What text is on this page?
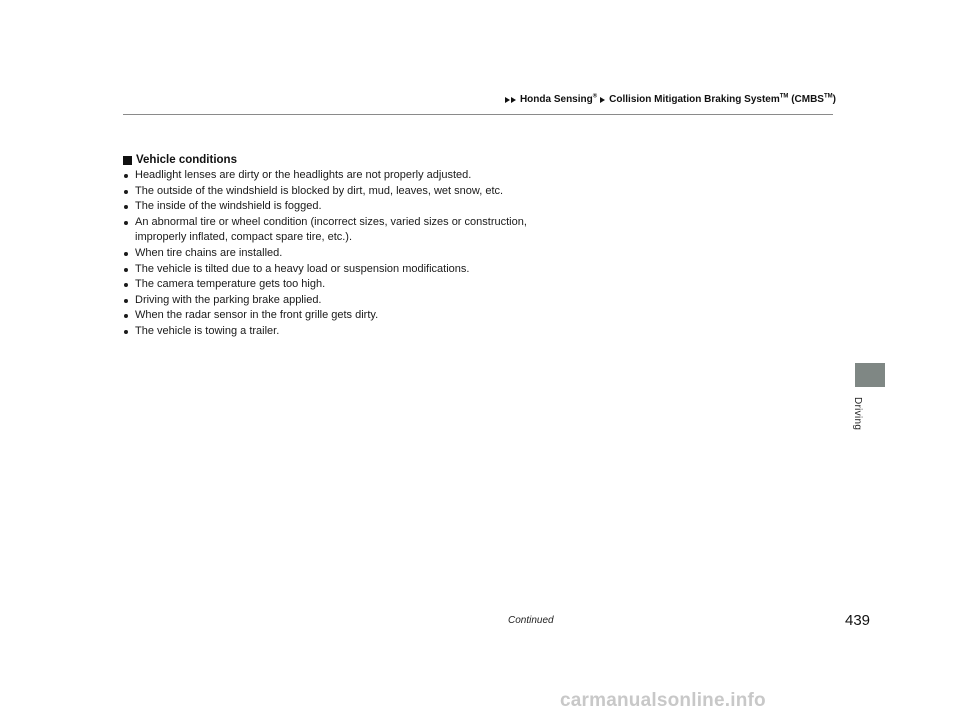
Honda Sensing® Collision Mitigation Braking System™ (CMBS™)
Vehicle conditions
Headlight lenses are dirty or the headlights are not properly adjusted.
The outside of the windshield is blocked by dirt, mud, leaves, wet snow, etc.
The inside of the windshield is fogged.
An abnormal tire or wheel condition (incorrect sizes, varied sizes or construction, improperly inflated, compact spare tire, etc.).
When tire chains are installed.
The vehicle is tilted due to a heavy load or suspension modifications.
The camera temperature gets too high.
Driving with the parking brake applied.
When the radar sensor in the front grille gets dirty.
The vehicle is towing a trailer.
Driving
Continued	439
carmanualsonline.info
